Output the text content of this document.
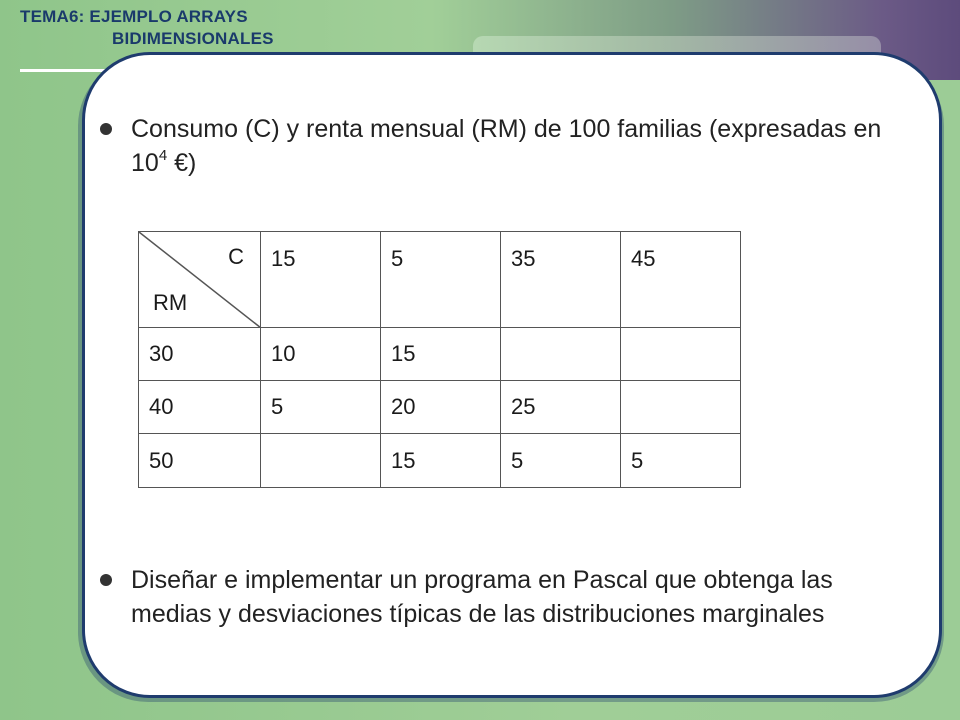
TEMA6: EJEMPLO ARRAYS
BIDIMENSIONALES
Consumo (C) y renta mensual (RM) de 100 familias (expresadas en $10^4$ €)
C
RM	15	5	35	45
30	10	15		
40	5	20	25	
50		15	5	5
Diseñar e implementar un programa en Pascal que obtenga las medias y desviaciones típicas de las distribuciones marginales
